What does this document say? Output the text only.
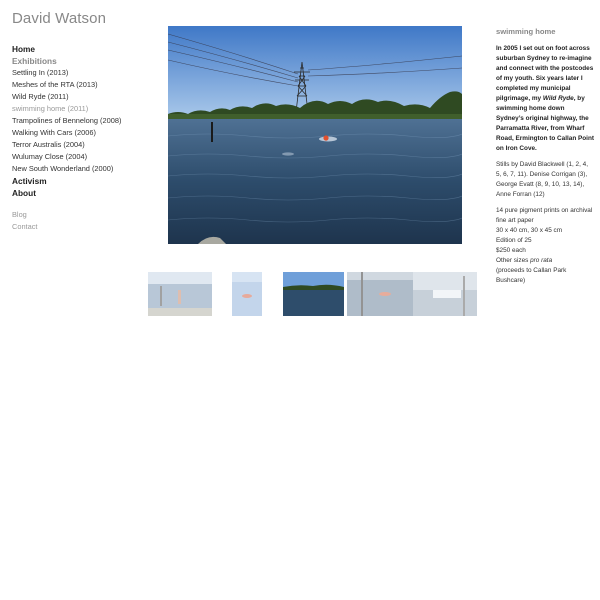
David Watson
Home
Exhibitions
Settling In (2013)
Meshes of the RTA (2013)
Wild Ryde (2011)
swimming home (2011)
Trampolines of Bennelong (2008)
Walking With Cars (2006)
Terror Australis (2004)
Wulumay Close (2004)
New South Wonderland (2000)
Activism
About
Blog
Contact
swimming home

In 2005 I set out on foot across suburban Sydney to re-imagine and connect with the postcodes of my youth. Six years later I completed my municipal pilgrimage, my Wild Ryde, by swimming home down Sydney’s original highway, the Parramatta River, from Wharf Road, Ermington to Callan Point on Iron Cove.

Stills by David Blackwell (1, 2, 4, 5, 6, 7, 11). Denise Corrigan (3), George Evatt (8, 9, 10, 13, 14), Anne Forran (12)

14 pure pigment prints on archival fine art paper
30 x 40 cm, 30 x 45 cm
Edition of 25
$250 each
Other sizes pro rata
(proceeds to Callan Park Bushcare)
